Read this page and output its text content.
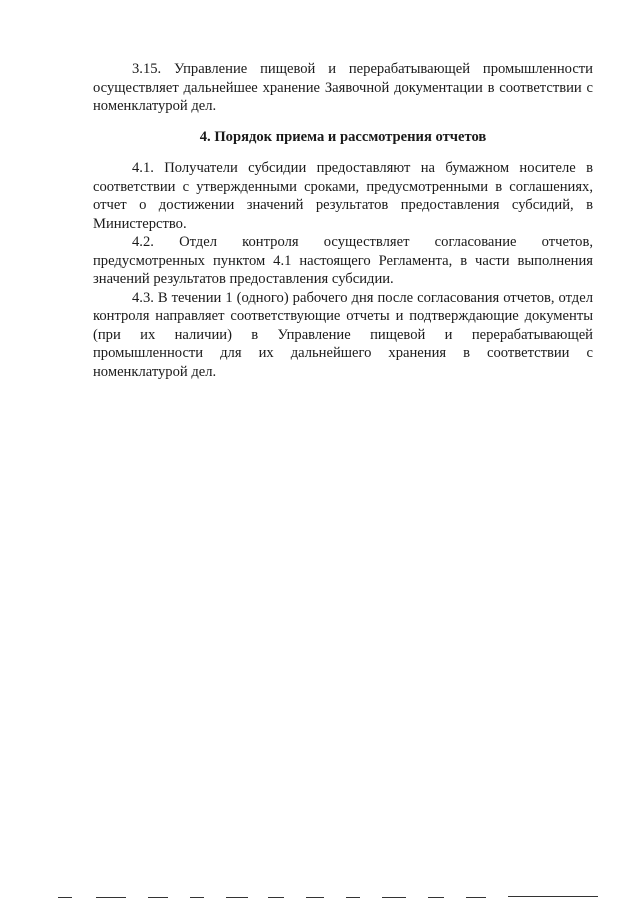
3.15. Управление пищевой и перерабатывающей промышленности осуществляет дальнейшее хранение Заявочной документации в соответствии с номенклатурой дел.

4. Порядок приема и рассмотрения отчетов

4.1. Получатели субсидии предоставляют на бумажном носителе в соответствии с утвержденными сроками, предусмотренными в соглашениях, отчет о достижении значений результатов предоставления субсидий, в Министерство.

4.2. Отдел контроля осуществляет согласование отчетов, предусмотренных пунктом 4.1 настоящего Регламента, в части выполнения значений результатов предоставления субсидии.

4.3. В течении 1 (одного) рабочего дня после согласования отчетов, отдел контроля направляет соответствующие отчеты и подтверждающие документы (при их наличии) в Управление пищевой и перерабатывающей промышленности для их дальнейшего хранения в соответствии с номенклатурой дел.
